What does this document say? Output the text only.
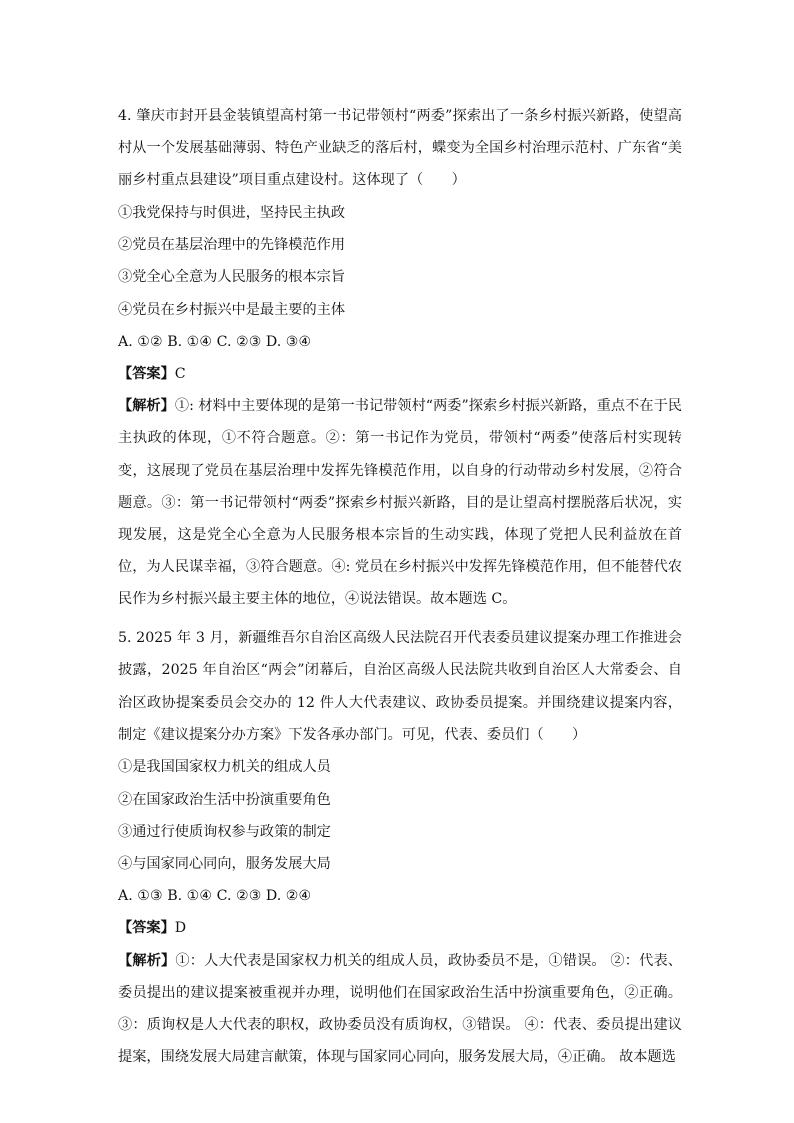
4. 肇庆市封开县金装镇望高村第一书记带领村“两委”探索出了一条乡村振兴新路，使望高村从一个发展基础薄弱、特色产业缺乏的落后村，蝶变为全国乡村治理示范村、广东省“美丽乡村重点县建设”项目重点建设村。这体现了（　　）
①我党保持与时俱进，坚持民主执政
②党员在基层治理中的先锋模范作用
③党全心全意为人民服务的根本宗旨
④党员在乡村振兴中是最主要的主体
A. ①② B. ①④ C. ②③ D. ③④
【答案】C
【解析】①: 材料中主要体现的是第一书记带领村“两委”探索乡村振兴新路，重点不在于民主执政的体现，①不符合题意。②：第一书记作为党员，带领村“两委”使落后村实现转变，这展现了党员在基层治理中发挥先锋模范作用，以自身的行动带动乡村发展，②符合题意。③：第一书记带领村“两委”探索乡村振兴新路，目的是让望高村摆脱落后状况，实现发展，这是党全心全意为人民服务根本宗旨的生动实践，体现了党把人民利益放在首位，为人民谋幸福，③符合题意。④: 党员在乡村振兴中发挥先锋模范作用，但不能替代农民作为乡村振兴最主要主体的地位，④说法错误。故本题选 C。
5. 2025 年 3 月，新疆维吾尔自治区高级人民法院召开代表委员建议提案办理工作推进会披露，2025 年自治区“两会”闭幕后，自治区高级人民法院共收到自治区人大常委会、自治区政协提案委员会交办的 12 件人大代表建议、政协委员提案。并围绕建议提案内容，制定《建议提案分办方案》下发各承办部门。可见，代表、委员们（　　）
①是我国国家权力机关的组成人员
②在国家政治生活中扮演重要角色
③通过行使质询权参与政策的制定
④与国家同心同向，服务发展大局
A. ①③ B. ①④ C. ②③ D. ②④
【答案】D
【解析】①：人大代表是国家权力机关的组成人员，政协委员不是，①错误。 ②：代表、委员提出的建议提案被重视并办理，说明他们在国家政治生活中扮演重要角色，②正确。③：质询权是人大代表的职权，政协委员没有质询权，③错误。 ④：代表、委员提出建议提案，围绕发展大局建言献策，体现与国家同心同向，服务发展大局，④正确。 故本题选
